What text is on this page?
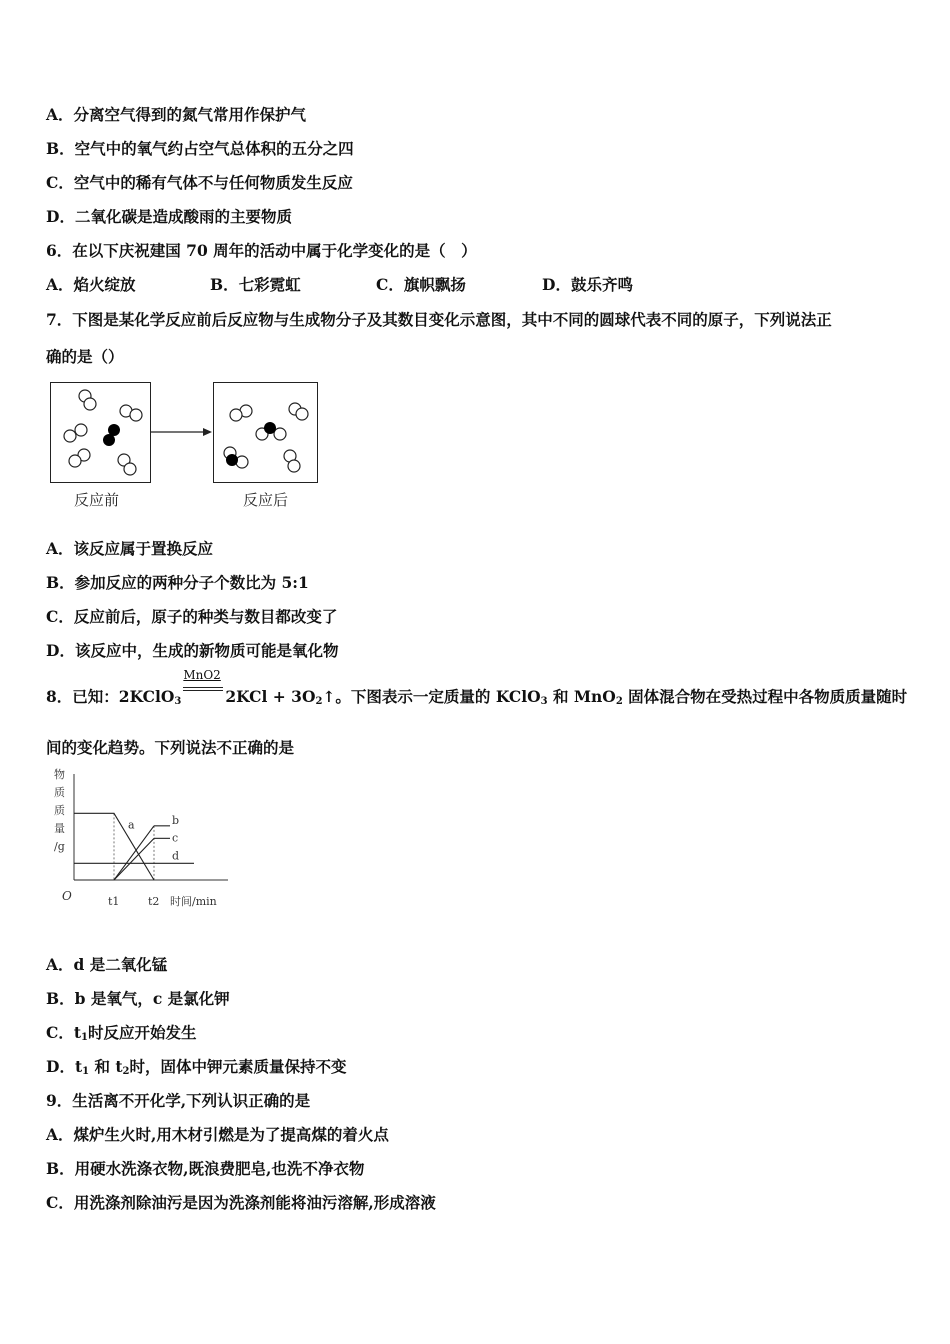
A．分离空气得到的氮气常用作保护气
B．空气中的氧气约占空气总体积的五分之四
C．空气中的稀有气体不与任何物质发生反应
D．二氧化碳是造成酸雨的主要物质
6．在以下庆祝建国 70 周年的活动中属于化学变化的是（　）
A．焰火绽放	B．七彩霓虹	C．旗帜飘扬	D．鼓乐齐鸣
7．下图是某化学反应前后反应物与生成物分子及其数目变化示意图，其中不同的圆球代表不同的原子，下列说法正
确的是（）
反应前	反应后
A．该反应属于置换反应
B．参加反应的两种分子个数比为 5:1
C．反应前后，原子的种类与数目都改变了
D．该反应中，生成的新物质可能是氧化物
8．已知：2KClO$_3$
MnO2
$2KCl + 3O_2↑$。下图表示一定质量的 KClO$_3$ 和 MnO$_2$ 固体混合物在受热过程中各物质质量随时
间的变化趋势。下列说法不正确的是
物
质
质
量
/g
O	时间/min
t1	t2
a	b
c
d
A．d 是二氧化锰
B．b 是氧气，c 是氯化钾
C．$t_1$时反应开始发生
D．$t_1$ 和 $t_2$时，固体中钾元素质量保持不变
9．生活离不开化学,下列认识正确的是
A．煤炉生火时,用木材引燃是为了提高煤的着火点
B．用硬水洗涤衣物,既浪费肥皂,也洗不净衣物
C．用洗涤剂除油污是因为洗涤剂能将油污溶解,形成溶液
